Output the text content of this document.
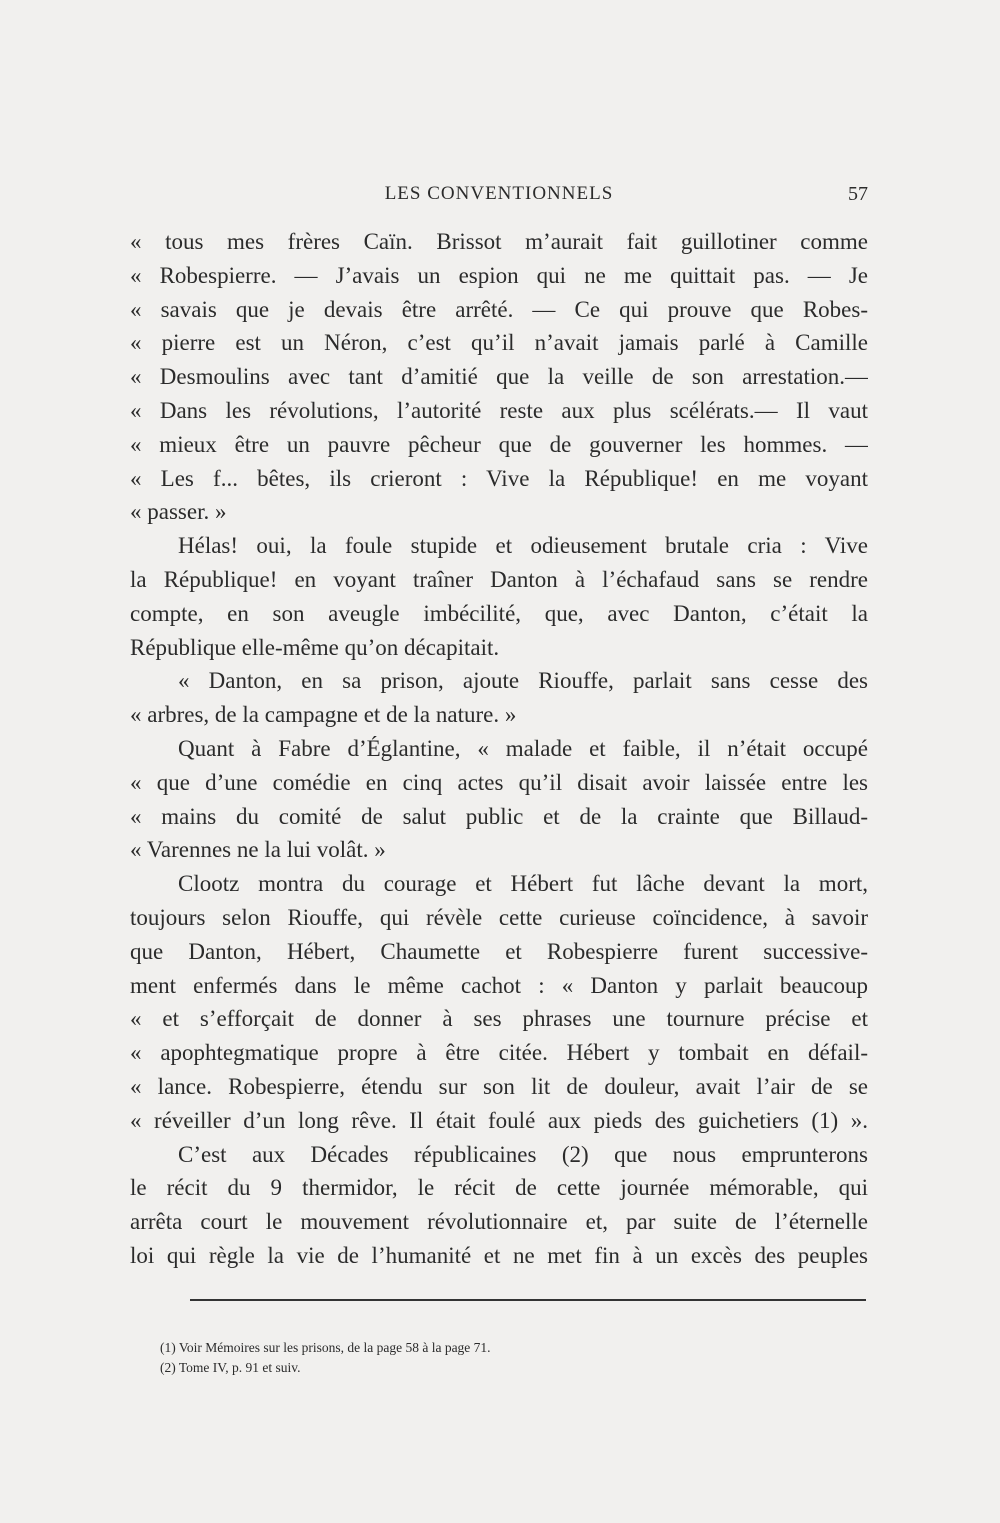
LES CONVENTIONNELS	57
« tous mes frères Caïn. Brissot m’aurait fait guillotiner comme
« Robespierre. — J’avais un espion qui ne me quittait pas. — Je
« savais que je devais être arrêté. — Ce qui prouve que Robes-
« pierre est un Néron, c’est qu’il n’avait jamais parlé à Camille
« Desmoulins avec tant d’amitié que la veille de son arrestation.—
« Dans les révolutions, l’autorité reste aux plus scélérats.— Il vaut
« mieux être un pauvre pêcheur que de gouverner les hommes. —
« Les f... bêtes, ils crieront : Vive la République! en me voyant
« passer. »
Hélas! oui, la foule stupide et odieusement brutale cria : Vive
la République! en voyant traîner Danton à l’échafaud sans se rendre
compte, en son aveugle imbécilité, que, avec Danton, c’était la
République elle-même qu’on décapitait.
« Danton, en sa prison, ajoute Riouffe, parlait sans cesse des
« arbres, de la campagne et de la nature. »
Quant à Fabre d’Églantine, « malade et faible, il n’était occupé
« que d’une comédie en cinq actes qu’il disait avoir laissée entre les
« mains du comité de salut public et de la crainte que Billaud-
« Varennes ne la lui volât. »
Clootz montra du courage et Hébert fut lâche devant la mort,
toujours selon Riouffe, qui révèle cette curieuse coïncidence, à savoir
que Danton, Hébert, Chaumette et Robespierre furent successive-
ment enfermés dans le même cachot : « Danton y parlait beaucoup
« et s’efforçait de donner à ses phrases une tournure précise et
« apophtegmatique propre à être citée. Hébert y tombait en défail-
« lance. Robespierre, étendu sur son lit de douleur, avait l’air de se
« réveiller d’un long rêve. Il était foulé aux pieds des guichetiers (1) ».
C’est aux Décades républicaines (2) que nous emprunterons
le récit du 9 thermidor, le récit de cette journée mémorable, qui
arrêta court le mouvement révolutionnaire et, par suite de l’éternelle
loi qui règle la vie de l’humanité et ne met fin à un excès des peuples
(1) Voir Mémoires sur les prisons, de la page 58 à la page 71.
(2) Tome IV, p. 91 et suiv.
